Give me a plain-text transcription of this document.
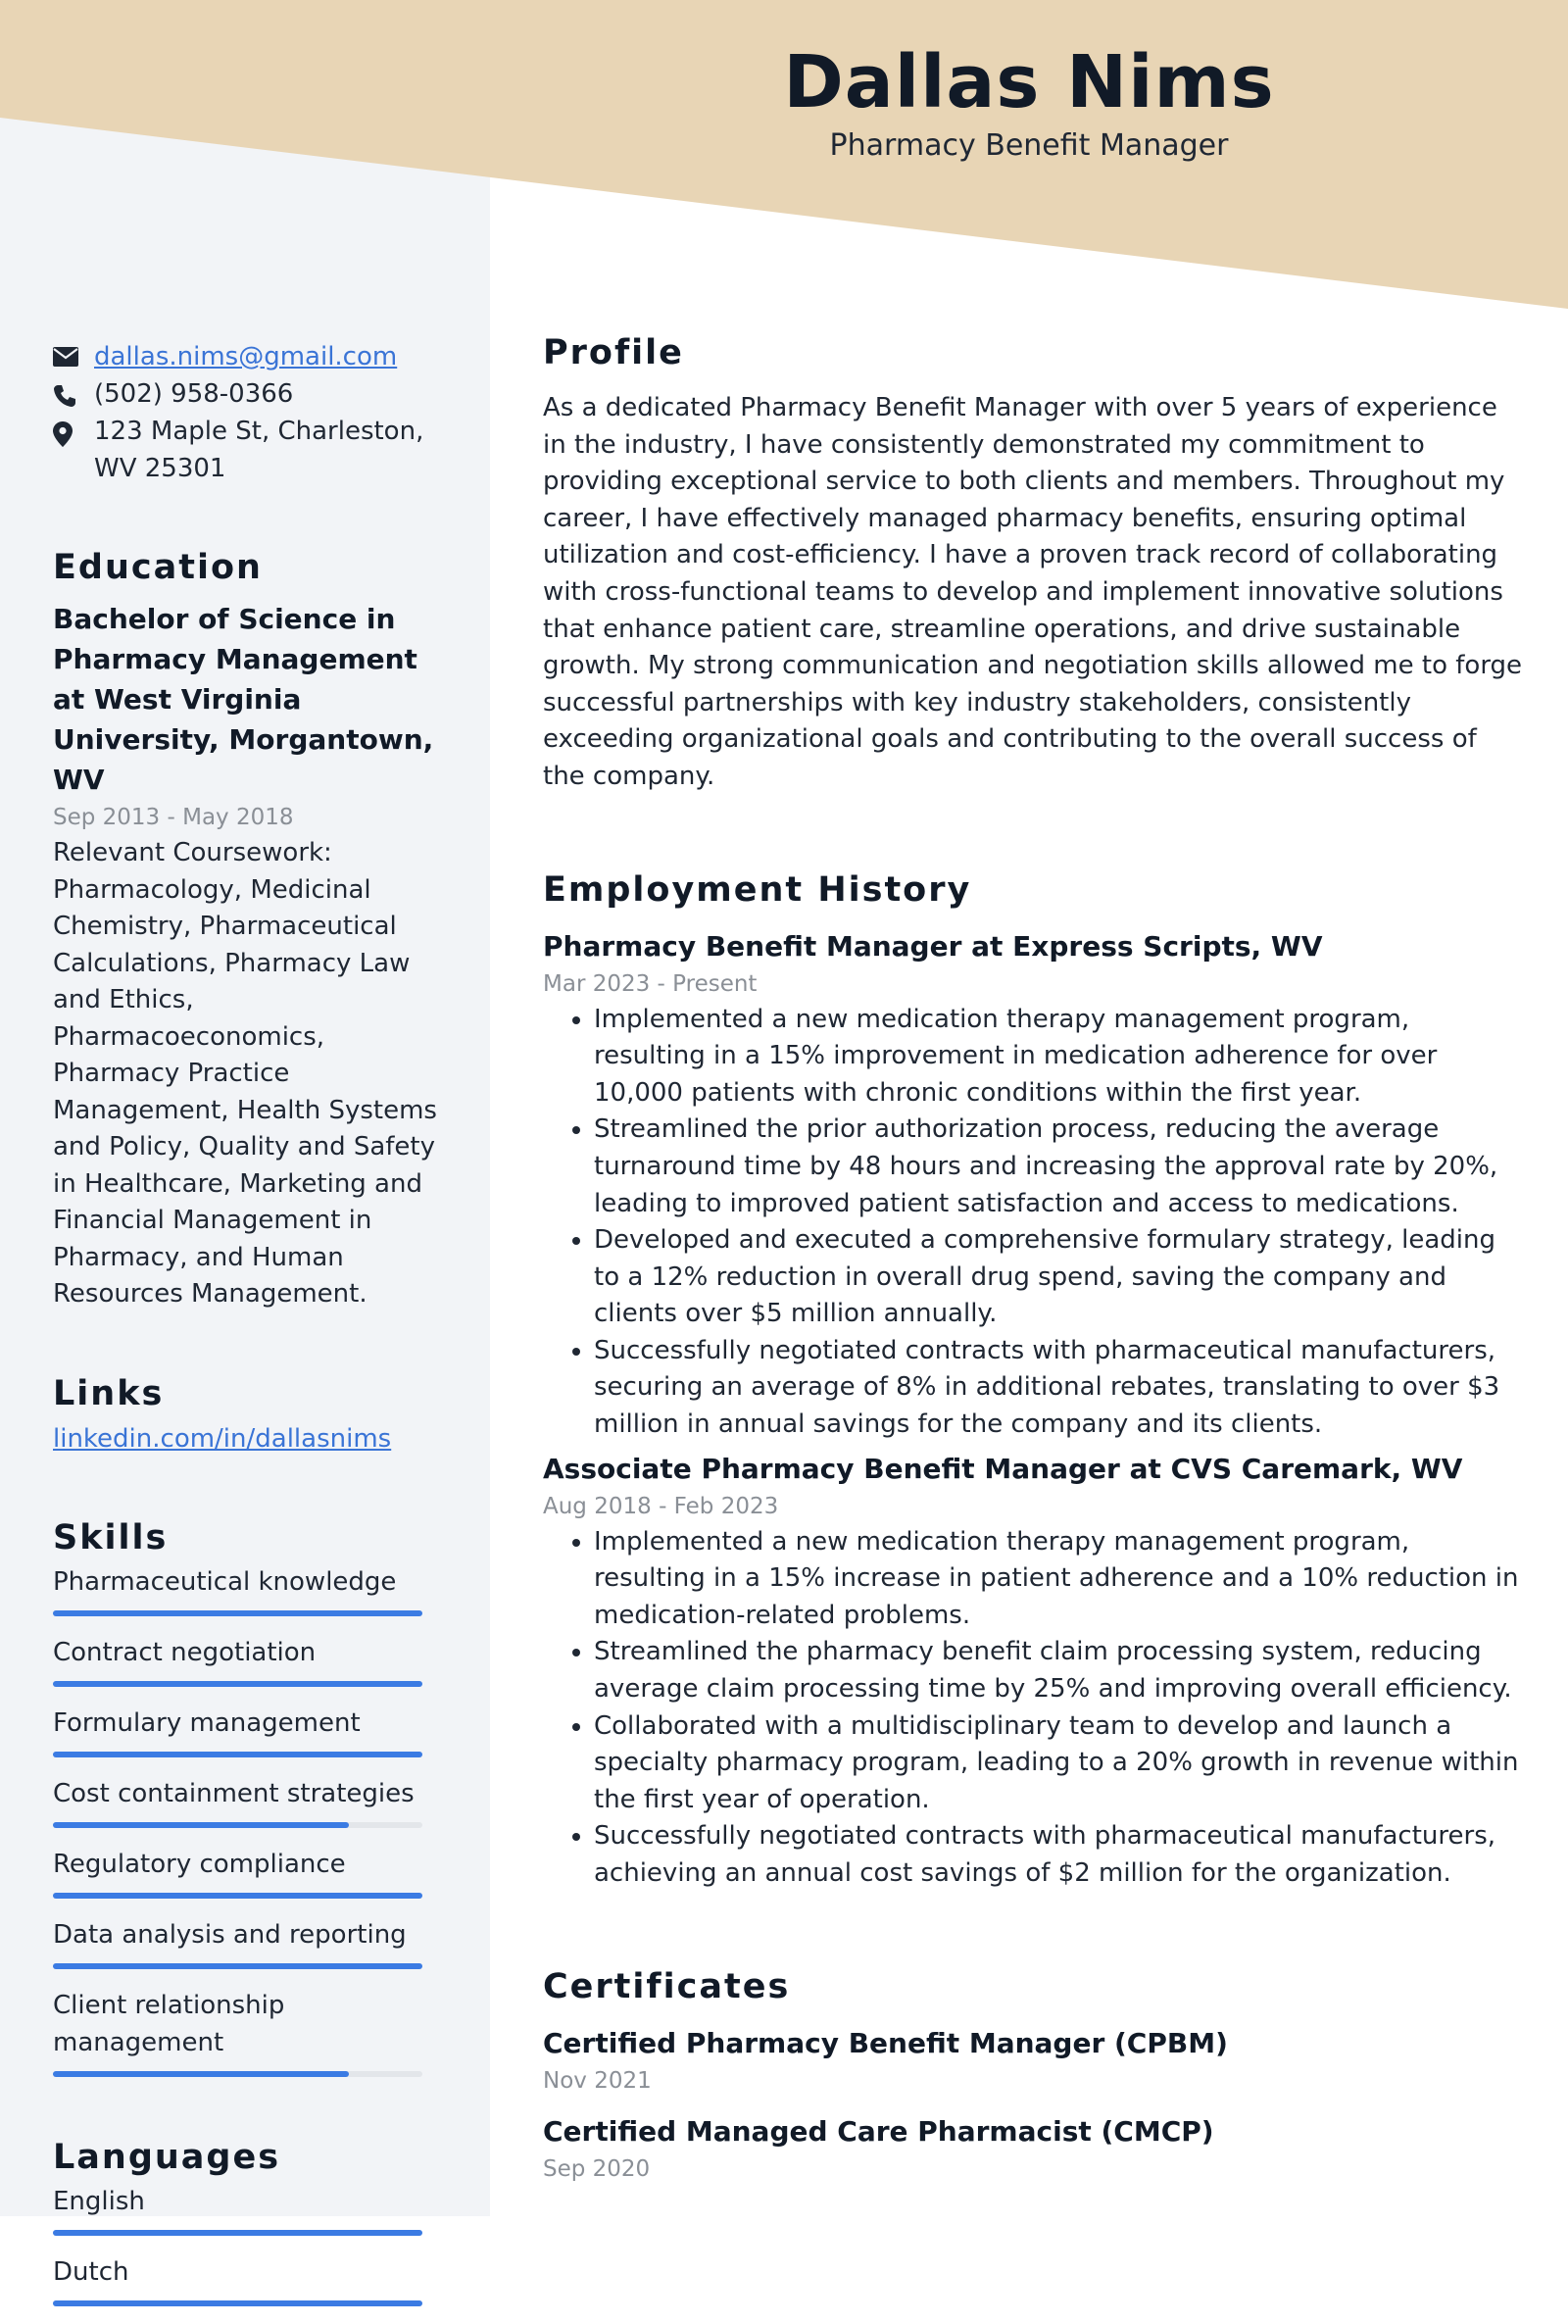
Dallas Nims
Pharmacy Benefit Manager
dallas.nims@gmail.com
(502) 958-0366
123 Maple St, Charleston, WV 25301
Education
Bachelor of Science in Pharmacy Management at West Virginia University, Morgantown, WV
Sep 2013 - May 2018
Relevant Coursework: Pharmacology, Medicinal Chemistry, Pharmaceutical Calculations, Pharmacy Law and Ethics, Pharmacoeconomics, Pharmacy Practice Management, Health Systems and Policy, Quality and Safety in Healthcare, Marketing and Financial Management in Pharmacy, and Human Resources Management.
Links
linkedin.com/in/dallasnims
Skills
Pharmaceutical knowledge
Contract negotiation
Formulary management
Cost containment strategies
Regulatory compliance
Data analysis and reporting
Client relationship management
Languages
English
Dutch
Profile
As a dedicated Pharmacy Benefit Manager with over 5 years of experience in the industry, I have consistently demonstrated my commitment to providing exceptional service to both clients and members. Throughout my career, I have effectively managed pharmacy benefits, ensuring optimal utilization and cost-efficiency. I have a proven track record of collaborating with cross-functional teams to develop and implement innovative solutions that enhance patient care, streamline operations, and drive sustainable growth. My strong communication and negotiation skills allowed me to forge successful partnerships with key industry stakeholders, consistently exceeding organizational goals and contributing to the overall success of the company.
Employment History
Pharmacy Benefit Manager at Express Scripts, WV
Mar 2023 - Present
• Implemented a new medication therapy management program, resulting in a 15% improvement in medication adherence for over 10,000 patients with chronic conditions within the first year.
• Streamlined the prior authorization process, reducing the average turnaround time by 48 hours and increasing the approval rate by 20%, leading to improved patient satisfaction and access to medications.
• Developed and executed a comprehensive formulary strategy, leading to a 12% reduction in overall drug spend, saving the company and clients over $5 million annually.
• Successfully negotiated contracts with pharmaceutical manufacturers, securing an average of 8% in additional rebates, translating to over $3 million in annual savings for the company and its clients.
Associate Pharmacy Benefit Manager at CVS Caremark, WV
Aug 2018 - Feb 2023
• Implemented a new medication therapy management program, resulting in a 15% increase in patient adherence and a 10% reduction in medication-related problems.
• Streamlined the pharmacy benefit claim processing system, reducing average claim processing time by 25% and improving overall efficiency.
• Collaborated with a multidisciplinary team to develop and launch a specialty pharmacy program, leading to a 20% growth in revenue within the first year of operation.
• Successfully negotiated contracts with pharmaceutical manufacturers, achieving an annual cost savings of $2 million for the organization.
Certificates
Certified Pharmacy Benefit Manager (CPBM)
Nov 2021
Certified Managed Care Pharmacist (CMCP)
Sep 2020
